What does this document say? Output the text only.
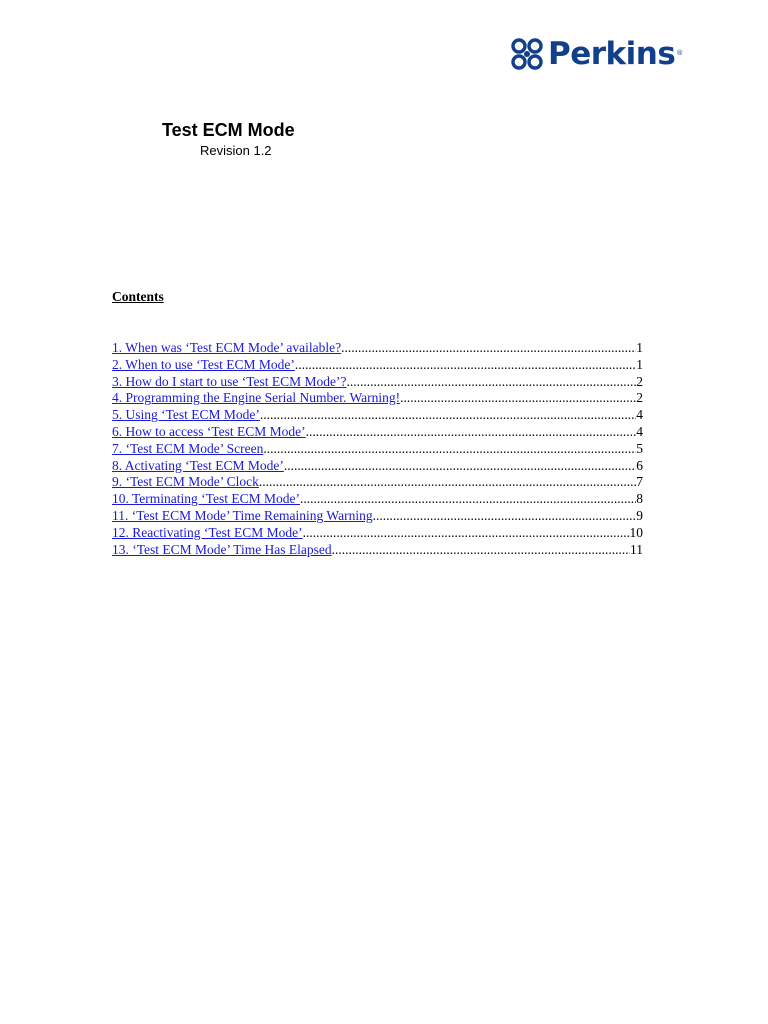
Perkins ®
Test ECM Mode
Revision 1.2
Contents
1. When was ‘Test ECM Mode’ available? .....	1
2. When to use ‘Test ECM Mode’ .....	1
3. How do I start to use ‘Test ECM Mode’? .....	2
4. Programming the Engine Serial Number. Warning! .....	2
5. Using ‘Test ECM Mode’ .....	4
6. How to access ‘Test ECM Mode’ .....	4
7. ‘Test ECM Mode’ Screen .....	5
8. Activating ‘Test ECM Mode’ .....	6
9. ‘Test ECM Mode’ Clock .....	7
10. Terminating ‘Test ECM Mode’ .....	8
11. ‘Test ECM Mode’ Time Remaining Warning .....	9
12. Reactivating ‘Test ECM Mode’ .....	10
13. ‘Test ECM Mode’ Time Has Elapsed .....	11
